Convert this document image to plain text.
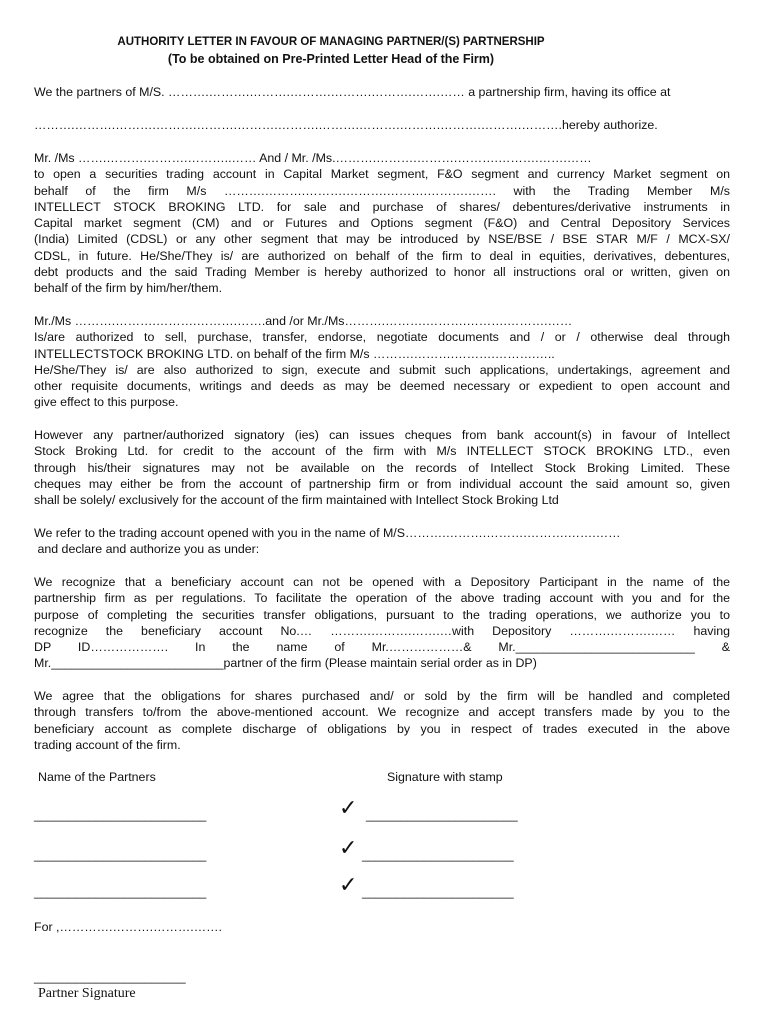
AUTHORITY LETTER IN FAVOUR OF MANAGING PARTNER/(S) PARTNERSHIP
(To be obtained on Pre-Printed Letter Head of the Firm)
We the partners of M/S. ……….……….……….……….……….……….…….…… a partnership firm, having its office at
……….……….……….……….……….……….……….……….……….……….……….……….……….hereby authorize.
Mr. /Ms …….……….……….………..…… And / Mr. /Ms.……….……….……….……….……….…….……
to open a securities trading account in Capital Market segment, F&O segment and currency Market segment on
behalf of the firm M/s ……….……….……….……….……….……….……. with the Trading Member M/s
INTELLECT STOCK BROKING LTD. for sale and purchase of shares/ debentures/derivative instruments in
Capital market segment (CM) and or Futures and Options segment (F&O) and Central Depository Services
(India) Limited (CDSL) or any other segment that may be introduced by NSE/BSE / BSE STAR M/F / MCX-SX/
CDSL, in future. He/She/They is/ are authorized on behalf of the firm to deal in equities, derivatives, debentures,
debt products and the said Trading Member is hereby authorized to honor all instructions oral or written, given on
behalf of the firm by him/her/them.
Mr./Ms ……….……….……….……….…….and /or Mr./Ms……….……….……….……….……….……
Is/are authorized to sell, purchase, transfer, endorse, negotiate documents and / or / otherwise deal through
INTELLECTSTOCK BROKING LTD. on behalf of the firm M/s ……….……….……….……….…..
He/She/They is/ are also authorized to sign, execute and submit such applications, undertakings, agreement and
other requisite documents, writings and deeds as may be deemed necessary or expedient to open account and
give effect to this purpose.
However any partner/authorized signatory (ies) can issues cheques from bank account(s) in favour of Intellect
Stock Broking Ltd. for credit to the account of the firm with M/s INTELLECT STOCK BROKING LTD., even
through his/their signatures may not be available on the records of Intellect Stock Broking Limited. These
cheques may either be from the account of partnership firm or from individual account the said amount so, given
shall be solely/ exclusively for the account of the firm maintained with Intellect Stock Broking Ltd
We refer to the trading account opened with you in the name of M/S……….……….……….……….…….……
and declare and authorize you as under:
We recognize that a beneficiary account can not be opened with a Depository Participant in the name of the
partnership firm as per regulations. To facilitate the operation of the above trading account with you and for the
purpose of completing the securities transfer obligations, pursuant to the trading operations, we authorize you to
recognize the beneficiary account No.… ……….……….…….…with Depository ……….……….…… having
DP ID………………. In the name of Mr.………………& Mr.__________________________ &
Mr._________________________partner of the firm (Please maintain serial order as in DP)
We agree that the obligations for shares purchased and/ or sold by the firm will be handled and completed
through transfers to/from the above-mentioned account. We recognize and accept transfers made by you to the
beneficiary account as complete discharge of obligations by you in respect of trades executed in the above
trading account of the firm.
Name of the Partners	Signature with stamp
_________________________	✓ ______________________
_________________________	✓ ______________________
_________________________	✓ ______________________
For ,………….……….……….…….
______________________
Partner Signature
